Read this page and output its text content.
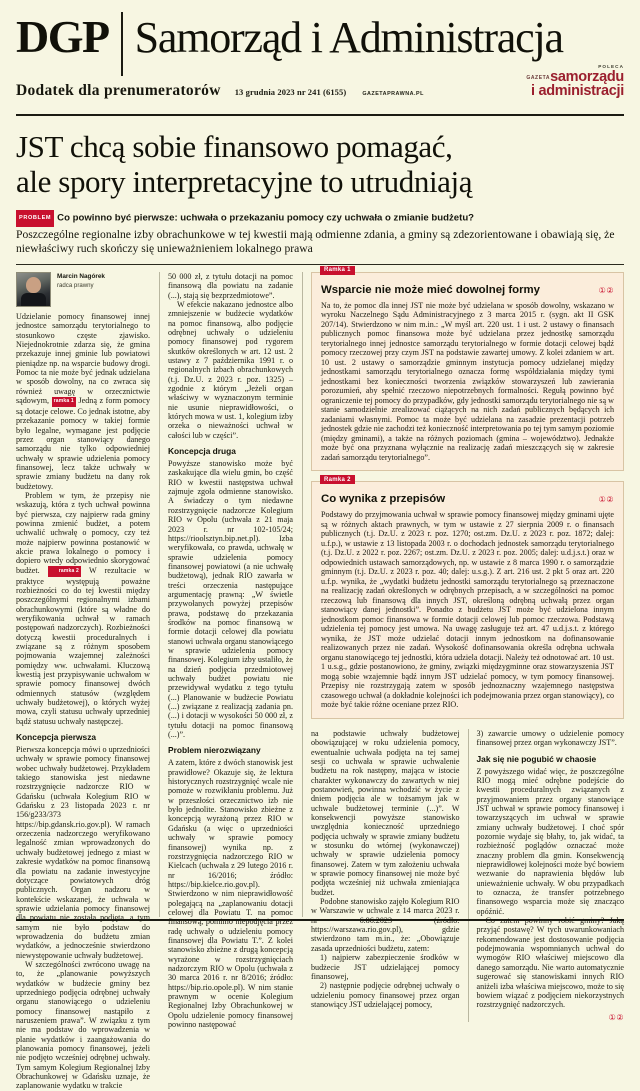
DGP Samorząd i Administracja
Dodatek dla prenumeratorów 13 grudnia 2023 nr 241 (6155)	GAZETAPRAWNA.PL
POLECA
GAZETAsamorządu
i administracji
JST chcą sobie finansowo pomagać,
ale spory interpretacyjne to utrudniają
PROBLEM Co powinno być pierwsze: uchwała o przekazaniu pomocy czy uchwała o zmianie budżetu?
Poszczególne regionalne izby obrachunkowe w tej kwestii mają odmienne zdania, a gminy są zdezorientowane i obawiają się, że niewłaściwy ruch skończy się unieważnieniem lokalnego prawa
Marcin Nagórek
radca prawny

Udzielanie pomocy finansowej innej jednostce samorządu terytorialnego to stosunkowo częste zjawisko. Niejednokrotnie zdarza się, że gmina przekazuje innej gminie lub powiatowi pieniądze np. na wsparcie budowy drogi. Pomoc ta nie może być jednak udzielana w sposób dowolny, na co zwraca się również uwagę w orzecznictwie sądowym, ramka 1 Jedną z form pomocy są dotacje celowe. Co jednak istotne, aby przekazanie pomocy w takiej formie było legalne, wymagane jest podjęcie przez organ stanowiący danego samorządu nie tylko odpowiedniej uchwały w sprawie udzielenia pomocy finansowej, lecz także uchwały w sprawie zmiany budżetu na dany rok budżetowy.

Problem w tym, że przepisy nie wskazują, która z tych uchwał powinna być pierwsza, czy najpierw rada gminy powinna zmienić budżet, a potem uchwalić uchwałę o pomocy, czy też może najpierw powinna postanowić w akcie prawa lokalnego o pomocy i dopiero wtedy odpowiednio skorygować budżet.	ramka 2 W rezultacie w praktyce występują poważne rozbieżności co do tej kwestii między poszczególnymi regionalnymi izbami obrachunkowymi (które są władne do weryfikowania uchwał w ramach postępowań nadzorczych). Rozbieżności dotyczą kwestii proceduralnych i związane są z różnym sposobem pojmowania wzajemnej zależności pomiędzy ww. uchwałami. Kluczową kwestią jest przypisywanie uchwałom w sprawie pomocy finansowej dwóch odmiennych statusów (względem uchwały budżetowej), o których wyżej mowa, czyli statusu uchwały uprzedniej bądź statusu uchwały następczej.

Koncepcja pierwsza

Pierwsza koncepcja mówi o uprzedniości uchwały w sprawie pomocy finansowej wobec uchwały budżetowej. Przykładem takiego stanowiska jest niedawne rozstrzygnięcie nadzorcze RIO w Gdańsku (uchwała Kolegium RIO w Gdańsku z 23 listopada 2023 r. nr 156/g233/373 https://bip.gdansk.rio.gov.pl). W ramach orzeczenia nadzorczego weryfikowano legalność zmian wprowadzonych do uchwały budżetowej jednego z miast w zakresie wydatków na pomoc finansową dla powiatu na zadanie inwestycyjne dotyczące powiatowych dróg publicznych. Organ nadzoru w kontekście wskazanej, że uchwała w sprawie udzielania pomocy finansowej dla powiatu nie została podjęta, a tym samym nie było podstaw do wprowadzenia do budżetu zmian wydatków, a jednocześnie stwierdzono niewystępowanie uchwały budżetowej.

W szczególności zwrócono uwagę na to, że „planowanie powyższych wydatków w budżecie gminy bez uprzedniego podjęcia odrębnej uchwały organu stanowiącego o udzieleniu pomocy finansowej nastąpiło z naruszeniem prawa”. W związku z tym nie ma podstaw do wprowadzenia w planie wydatków i zaangażowania do planowania pomocy finansowej, jeżeli nie podjęto wcześniej odrębnej uchwały. Tym samym Kolegium Regionalnej Izby Obrachunkowej w Gdańsku uznaje, że zaplanowanie wydatku w trakcie

50 000 zł, z tytułu dotacji na pomoc finansową dla powiatu na zadanie (...), stają się bezprzedmiotowe”.

W efekcie nakazano jednostce albo zmniejszenie w budżecie wydatków na pomoc finansową, albo podjęcie odrębnej uchwały o udzieleniu pomocy finansowej pod rygorem skutków określonych w art. 12 ust. 2 ustawy z 7 października 1991 r. o regionalnych izbach obrachunkowych (t.j. Dz.U. z 2023 r. poz. 1325) – zgodnie z którym „Jeżeli organ właściwy w wyznaczonym terminie nie usunie nieprawidłowości, o których mowa w ust. 1, kolegium izby orzeka o nieważności uchwał w całości lub w części”.

Koncepcja druga

Powyższe stanowisko może być zaskakujące dla wielu gmin, bo część RIO w kwestii następstwa uchwał zajmuje zgoła odmienne stanowisko. A świadczy o tym niedawne rozstrzygnięcie nadzorcze Kolegium RIO w Opolu (uchwała z 21 maja 2023 r. nr 102-105/24; https://rioolsztyn.bip.net.pl). Izba weryfikowała, co prawda, uchwałę w sprawie udzielenia pomocy finansowej powiatowi (a nie uchwałę budżetową), jednak RIO zawarła w treści orzeczenia następujące argumentację prawną: „W świetle przywołanych powyżej przepisów prawa, podstawę do przekazania środków na pomoc finansową w formie dotacji celowej dla powiatu stanowi uchwała organu stanowiącego w sprawie udzielenia pomocy finansowej. Kolegium izby ustaliło, że na dzień podjęcia przedmiotowej uchwały budżet powiatu nie przewidywał wydatku z tego tytułu (...) Planowanie w budżecie Powiatu (...) związane z realizacją zadania pn. (...) i dotacji w wysokości 50 000 zł, z tytułu dotacji na pomoc finansową (...)”.

Problem nierozwiązany

A zatem, które z dwóch stanowisk jest prawidłowe? Okazuje się, że lektura historycznych rozstrzygnięć wcale nie pomoże w rozwikłaniu problemu. Już w przeszłości orzecznictwo izb nie było jednolite. Stanowisko zbieżne z koncepcją wyrażoną przez RIO w Gdańsku (a więc o uprzedniości uchwały w sprawie pomocy finansowej) wynika np. z rozstrzygnięcia nadzorczego RIO w Kielcach (uchwała z 29 lutego 2016 r. nr 16/2016; źródło: https://bip.kielce.rio.gov.pl). Stwierdzono w nim nieprawidłowość polegającą na „zaplanowaniu dotacji celowej dla Powiatu T. na pomoc finansową, pomimo niepodjęcia przez radę uchwały o udzieleniu pomocy finansowej dla Powiatu T.”. Z kolei stanowisko zbieżne z drugą koncepcją wyrażone w rozstrzygnięciach nadzorczym RIO w Opolu (uchwała z 30 marca 2016 r. nr 8/2016; źródło: https://bip.rio.opole.pl). W nim stanie prawnym w ocenie Kolegium Regionalnej Izby Obrachunkowej w Opolu udzielenie pomocy finansowej powinno następować

Ramka 1
Wsparcie nie może mieć dowolnej formy	①②

Na to, że pomoc dla innej JST nie może być udzielana w sposób dowolny, wskazano w wyroku Naczelnego Sądu Administracyjnego z 3 marca 2015 r. (sygn. akt II GSK 207/14). Stwierdzono w nim m.in.: „W myśl art. 220 ust. 1 i ust. 2 ustawy o finansach publicznych pomoc finansowa może być udzielana przez jednostkę samorządu terytorialnego innej jednostce samorządu terytorialnego w formie dotacji celowej bądź pomocy rzeczowej przy czym JST na podstawie zawartej umowy. Z kolei zdaniem w art. 10 ust. 2 ustawy o samorządzie gminnym instytucja pomocy udzielanej między jednostkami samorządu terytorialnego oznacza formę współdziałania między tymi jednostkami bez konieczności tworzenia związków stowarzyszeń lub zawierania porozumień, aby spełnić rzeczowo niepotrzebnych formalności. Regułą powinno być ograniczenie tej pomocy do przypadków, gdy jednostki samorządu terytorialnego nie są w stanie samodzielnie zrealizować ciążących na nich zadań publicznych będących ich zadaniami własnymi. Pomoc ta może być udzielana na zasadzie prezentacji potrzeb jednostek gdzie nie zachodzi też konieczność interpretowania po tej tym samym poziomie (między gminami), a także na różnych poziomach (gmina – województwo). Jednakże może być ona przyznana wyłącznie na realizację zadań mieszczących się w zakresie zadań samorządu terytorialnego”.

Ramka 2
Co wynika z przepisów	①②

Podstawy do przyjmowania uchwał w sprawie pomocy finansowej między gminami ujęte są w różnych aktach prawnych, w tym w ustawie z 27 sierpnia 2009 r. o finansach publicznych (t.j. Dz.U. z 2023 r. poz. 1270; ost.zm. Dz.U. z 2023 r. poz. 1872; dalej: u.f.p.), w ustawie z 13 listopada 2003 r. o dochodach jednostek samorządu terytorialnego (t.j. Dz.U. z 2022 r. poz. 2267; ost.zm. Dz.U. z 2023 r. poz. 2005; dalej: u.d.j.s.t.) oraz w odpowiednich ustawach samorządowych, np. w ustawie z 8 marca 1990 r. o samorządzie gminnym (t.j. Dz.U. z 2023 r. poz. 40; dalej: u.s.g.). Z art. 216 ust. 2 pkt 5 oraz art. 220 u.f.p. wynika, że „wydatki budżetu jednostki samorządu terytorialnego są przeznaczone na realizację zadań określonych w odrębnych przepisach, a w szczególności na pomoc rzeczową lub finansową dla innych JST, określoną odrębną uchwałą przez organ stanowiący danej jednostki”. Ponadto z budżetu JST może być udzielona innym jednostkom pomoc finansowa w formie dotacji celowej lub pomoc rzeczowa. Podstawą udzielenia tej pomocy jest umowa. Na uwagę zasługuje też art. 47 u.d.j.s.t. z którego wynika, że JST może udzielać dotacji innym jednostkom na dofinansowanie realizowanych przez nie zadań. Wysokość dofinansowania określa odrębna uchwała organu stanowiącego tej jednostki, która udziela dotacji. Należy też odnotować art. 10 ust. 1 u.s.g., gdzie postanowiono, że gminy, związki międzygminne oraz stowarzyszenia JST mogą sobie wzajemnie bądź innym JST udzielać pomocy, w tym pomocy finansowej. Przepisy nie rozstrzygają zatem w sposób jednoznaczny wzajemnego następstwa czasowego uchwał (a dokładnie kolejności ich podejmowania przez organ stanowiący), co może być takie różne oceniane przez RIO.

na podstawie uchwały budżetowej obowiązującej w roku udzielenia pomocy, ewentualnie uchwała podjęta na tej samej sesji co uchwała w sprawie uchwalenie budżetu na rok następny, mająca w istocie charakter wykonawczy do zawartych w niej postanowień, powinna wchodzić w życie z dniem podjęcia ale w tożsamym jak w uchwale budżetowej terminie (...)”. W konsekwencji powyższe stanowisko uwzględnia konieczność uprzedniego podjęcia uchwały w sprawie zmiany budżetu w stosunku do wtórnej (wykonawczej) uchwały w sprawie udzielenia pomocy finansowej. Zatem w tym założeniu uchwała w sprawie pomocy finansowej nie może być podjęta wcześniej niż uchwała zmieniająca budżet.

Podobne stanowisko zajęło Kolegium RIO w Warszawie w uchwale z 14 marca 2023 r. nr 6.86.2023 (źródło: https://warszawa.rio.gov.pl), gdzie stwierdzono tam m.in., że: „Obowiązuje zasada uprzedniości budżetu, zatem:

1) najpierw zabezpieczenie środków w budżecie JST udzielającej pomocy finansowej,

2) następnie podjęcie odrębnej uchwały o udzieleniu pomocy finansowej przez organ stanowiący JST udzielającej pomocy,

3) zawarcie umowy o udzielenie pomocy finansowej przez organ wykonawczy JST”.

Jak się nie pogubić w chaosie

Z powyższego widać więc, że poszczególne RIO mogą mieć odrębne podejście do kwestii proceduralnych związanych z przyjmowaniem przez organy stanowiące JST uchwał w sprawie pomocy finansowej i towarzyszących im uchwał w sprawie zmiany uchwały budżetowej. I choć spór pozornie wydaje się błahy, to, jak widać, ta rozbieżność poglądów oznaczać może znaczny problem dla gmin. Konsekwencją nieprawidłowej kolejności może być bowiem wezwanie do naprawienia błędów lub unieważnienie uchwały. W obu przypadkach to oznacza, że transfer potrzebnego finansowego wsparcia może się znacząco opóźnić.

Co zatem powinny robić gminy? Jaką przyjąć postawę? W tych uwarunkowaniach rekomendowane jest dostosowanie podjęcia podejmowania wspomnianych uchwał do wymogów RIO właściwej miejscowo dla danego samorządu. Nie warto automatycznie sugerować się stanowiskami innych RIO aniżeli izba właściwa miejscowo, może to się bowiem wiązać z podjęciem niekorzystnych rozstrzygnięć nadzorczych.

①②
